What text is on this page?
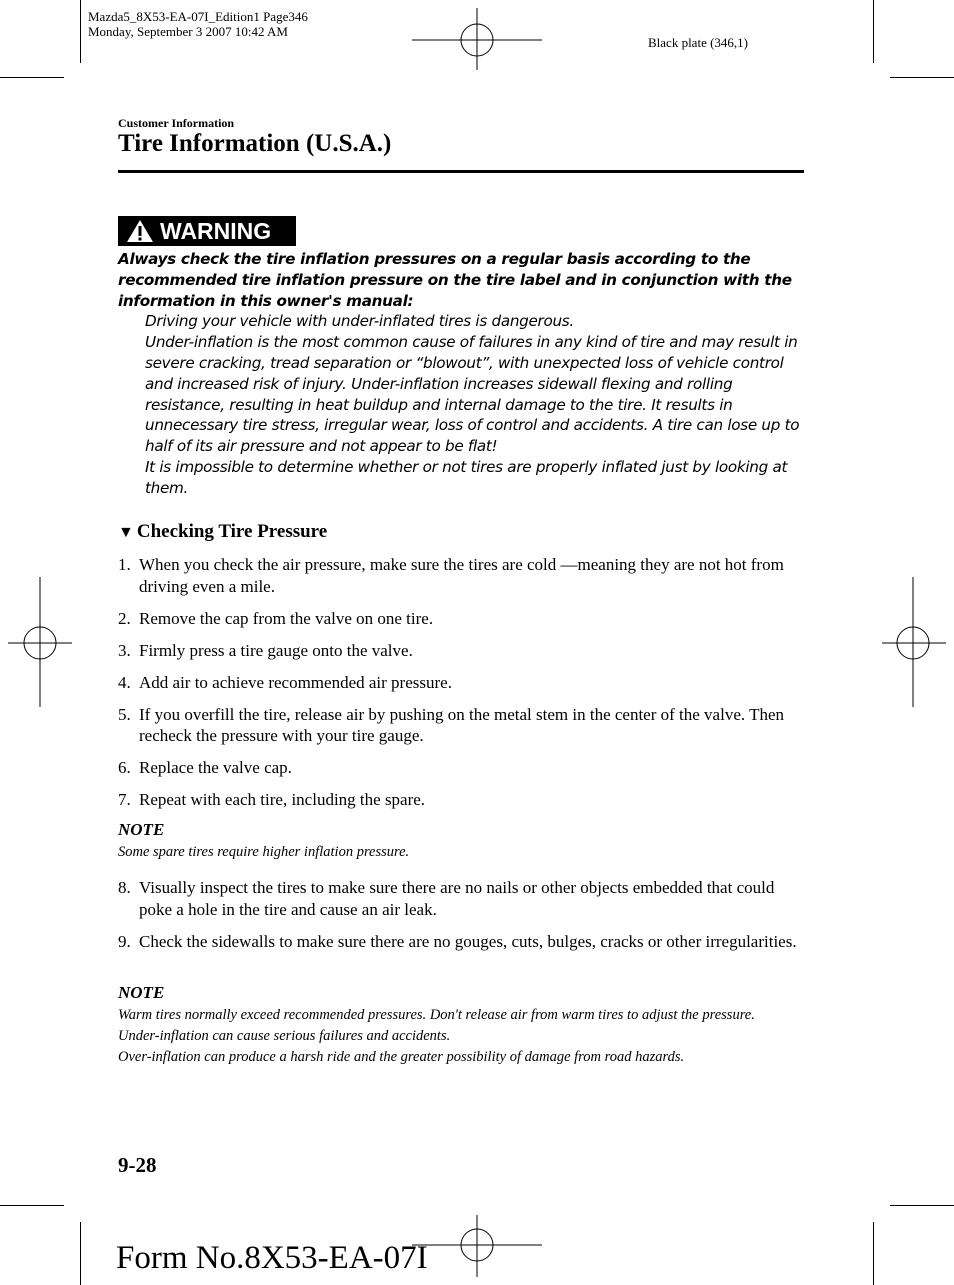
Mazda5_8X53-EA-07I_Edition1 Page346
Monday, September 3 2007 10:42 AM
Black plate (346,1)
Customer Information
Tire Information (U.S.A.)
WARNING
Always check the tire inflation pressures on a regular basis according to the recommended tire inflation pressure on the tire label and in conjunction with the information in this owner's manual:
Driving your vehicle with under-inflated tires is dangerous.
Under-inflation is the most common cause of failures in any kind of tire and may result in severe cracking, tread separation or “blowout”, with unexpected loss of vehicle control and increased risk of injury. Under-inflation increases sidewall flexing and rolling resistance, resulting in heat buildup and internal damage to the tire. It results in unnecessary tire stress, irregular wear, loss of control and accidents. A tire can lose up to half of its air pressure and not appear to be flat!
It is impossible to determine whether or not tires are properly inflated just by looking at them.
▼ Checking Tire Pressure
1. When you check the air pressure, make sure the tires are cold —meaning they are not hot from driving even a mile.
2. Remove the cap from the valve on one tire.
3. Firmly press a tire gauge onto the valve.
4. Add air to achieve recommended air pressure.
5. If you overfill the tire, release air by pushing on the metal stem in the center of the valve. Then recheck the pressure with your tire gauge.
6. Replace the valve cap.
7. Repeat with each tire, including the spare.
NOTE
Some spare tires require higher inflation pressure.
8. Visually inspect the tires to make sure there are no nails or other objects embedded that could poke a hole in the tire and cause an air leak.
9. Check the sidewalls to make sure there are no gouges, cuts, bulges, cracks or other irregularities.
NOTE
Warm tires normally exceed recommended pressures. Don't release air from warm tires to adjust the pressure.
Under-inflation can cause serious failures and accidents.
Over-inflation can produce a harsh ride and the greater possibility of damage from road hazards.
9-28
Form No.8X53-EA-07I
